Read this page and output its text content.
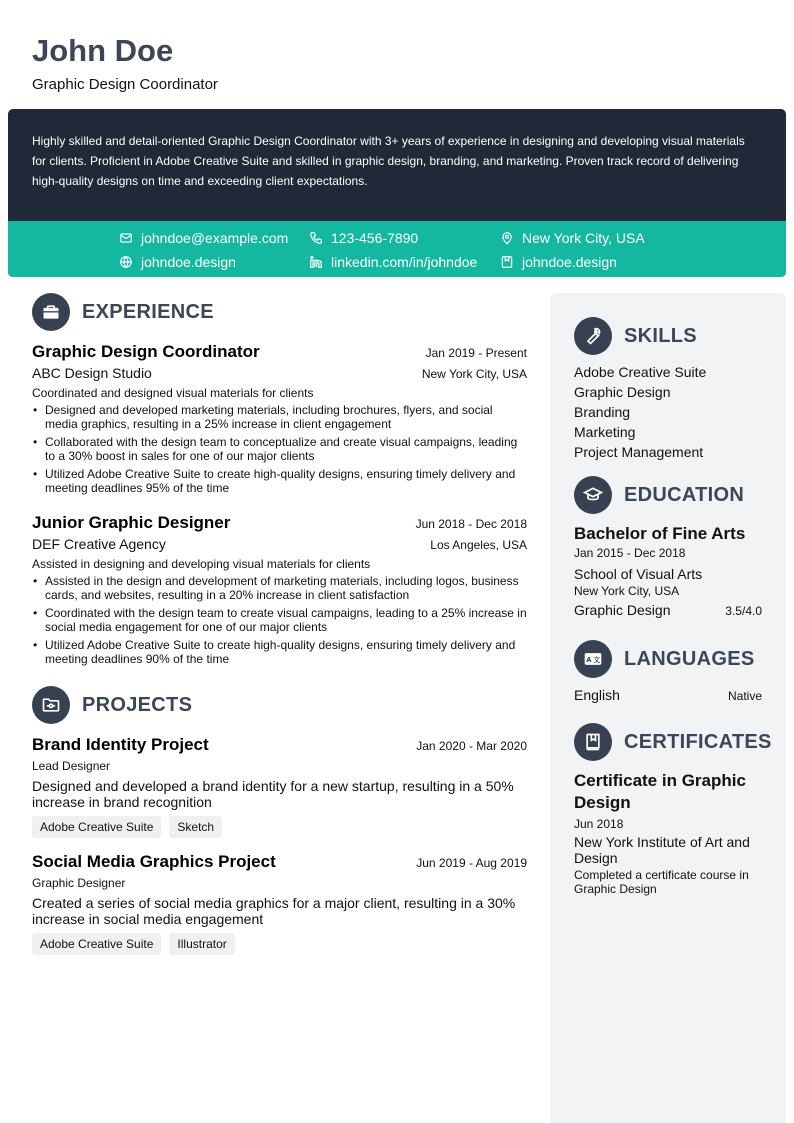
John Doe
Graphic Design Coordinator
Highly skilled and detail-oriented Graphic Design Coordinator with 3+ years of experience in designing and developing visual materials for clients. Proficient in Adobe Creative Suite and skilled in graphic design, branding, and marketing. Proven track record of delivering high-quality designs on time and exceeding client expectations.
johndoe@example.com	123-456-7890	New York City, USA
johndoe.design	linkedin.com/in/johndoe	johndoe.design
EXPERIENCE
Graphic Design Coordinator	Jan 2019 - Present
ABC Design Studio	New York City, USA
Coordinated and designed visual materials for clients
• Designed and developed marketing materials, including brochures, flyers, and social media graphics, resulting in a 25% increase in client engagement
• Collaborated with the design team to conceptualize and create visual campaigns, leading to a 30% boost in sales for one of our major clients
• Utilized Adobe Creative Suite to create high-quality designs, ensuring timely delivery and meeting deadlines 95% of the time
Junior Graphic Designer	Jun 2018 - Dec 2018
DEF Creative Agency	Los Angeles, USA
Assisted in designing and developing visual materials for clients
• Assisted in the design and development of marketing materials, including logos, business cards, and websites, resulting in a 20% increase in client satisfaction
• Coordinated with the design team to create visual campaigns, leading to a 25% increase in social media engagement for one of our major clients
• Utilized Adobe Creative Suite to create high-quality designs, ensuring timely delivery and meeting deadlines 90% of the time
PROJECTS
Brand Identity Project	Jan 2020 - Mar 2020
Lead Designer
Designed and developed a brand identity for a new startup, resulting in a 50% increase in brand recognition
Adobe Creative Suite	Sketch
Social Media Graphics Project	Jun 2019 - Aug 2019
Graphic Designer
Created a series of social media graphics for a major client, resulting in a 30% increase in social media engagement
Adobe Creative Suite	Illustrator
SKILLS
Adobe Creative Suite
Graphic Design
Branding
Marketing
Project Management
EDUCATION
Bachelor of Fine Arts
Jan 2015 - Dec 2018
School of Visual Arts
New York City, USA
Graphic Design	3.5/4.0
A 文 LANGUAGES
English	Native
CERTIFICATES
Certificate in Graphic Design
Jun 2018
New York Institute of Art and Design
Completed a certificate course in Graphic Design
